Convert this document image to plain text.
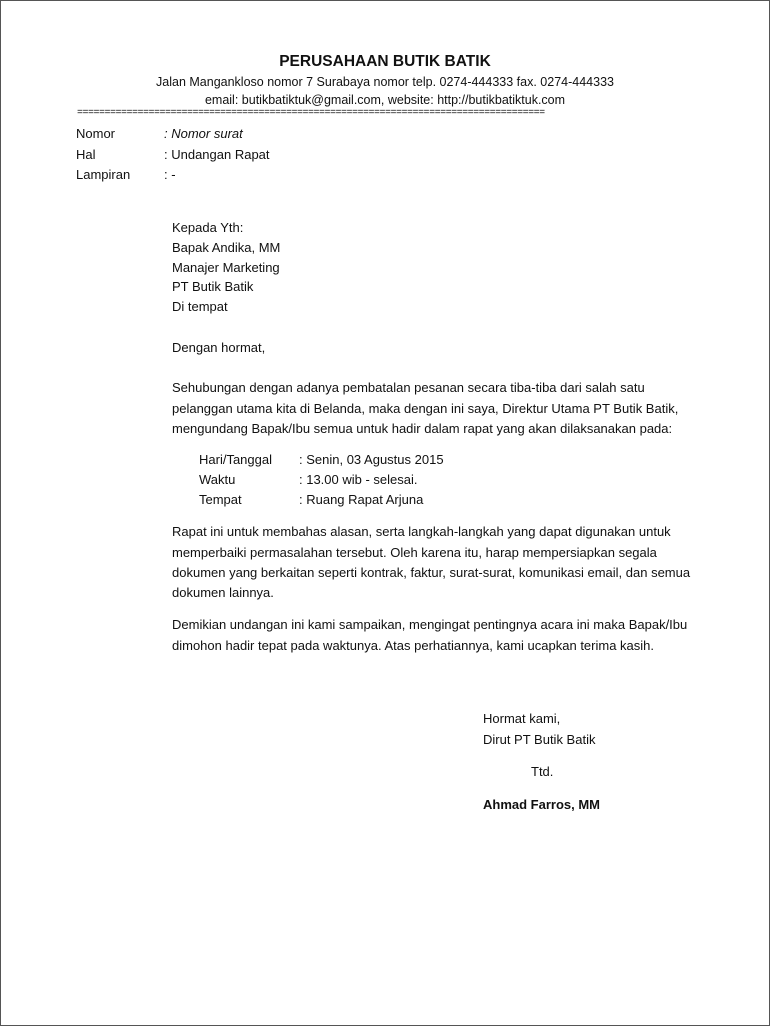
PERUSAHAAN BUTIK BATIK
Jalan Mangankloso nomor 7 Surabaya nomor telp. 0274-444333 fax. 0274-444333
email: butikbatiktuk@gmail.com, website: http://butikbatiktuk.com
=====================================================================================
Nomor	: Nomor surat
Hal	: Undangan Rapat
Lampiran	: -
Kepada Yth:
Bapak Andika, MM
Manajer Marketing
PT Butik Batik
Di tempat
Dengan hormat,
Sehubungan dengan adanya pembatalan pesanan secara tiba-tiba dari salah satu
pelanggan utama kita di Belanda, maka dengan ini saya, Direktur Utama PT Butik Batik,
mengundang Bapak/Ibu semua untuk hadir dalam rapat yang akan dilaksanakan pada:
Hari/Tanggal : Senin, 03 Agustus 2015
Waktu	: 13.00 wib - selesai.
Tempat	: Ruang Rapat Arjuna
Rapat ini untuk membahas alasan, serta langkah-langkah yang dapat digunakan untuk
memperbaiki permasalahan tersebut. Oleh karena itu, harap mempersiapkan segala
dokumen yang berkaitan seperti kontrak, faktur, surat-surat, komunikasi email, dan semua
dokumen lainnya.
Demikian undangan ini kami sampaikan, mengingat pentingnya acara ini maka Bapak/Ibu
dimohon hadir tepat pada waktunya. Atas perhatiannya, kami ucapkan terima kasih.
Hormat kami,
Dirut PT Butik Batik
Ttd.
Ahmad Farros, MM
